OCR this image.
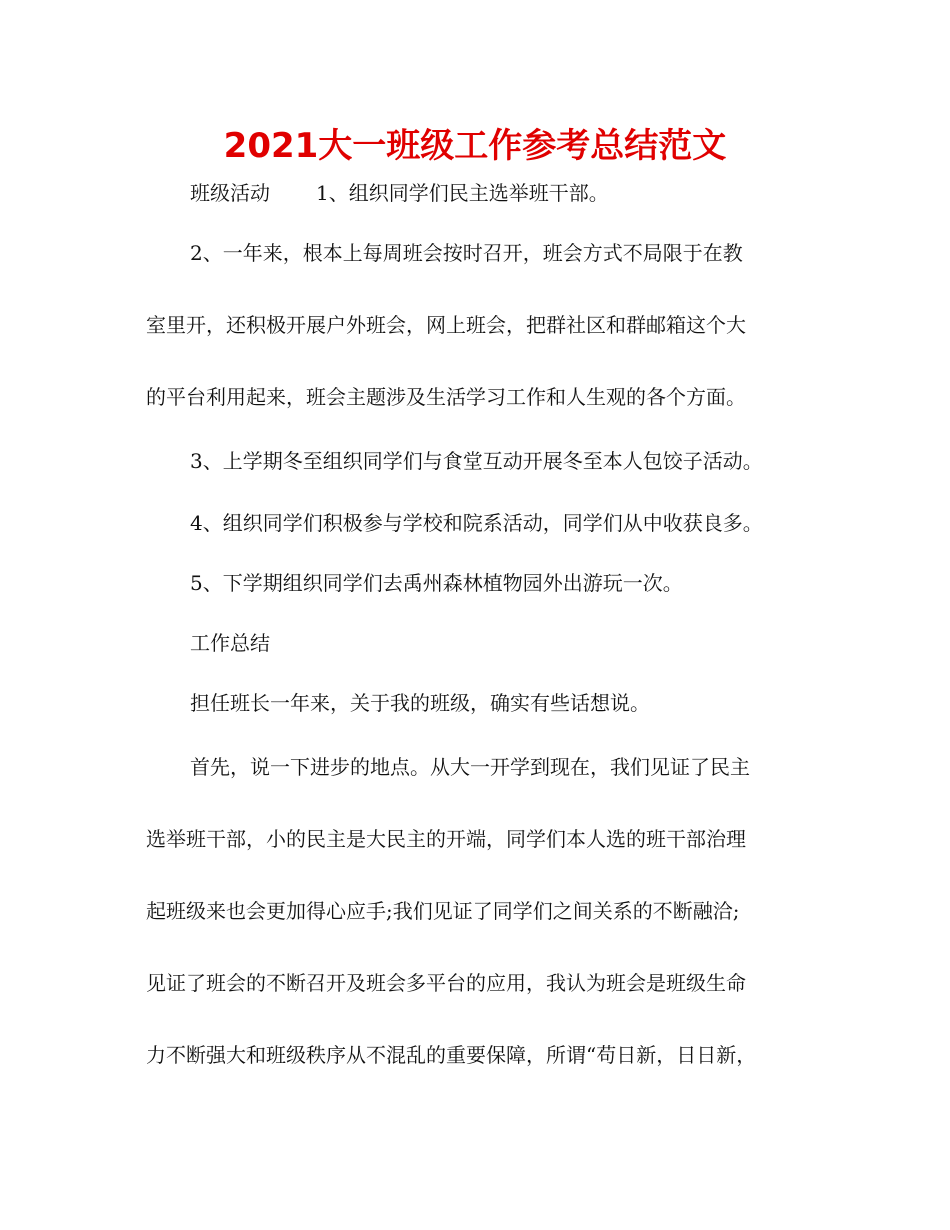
2021大一班级工作参考总结范文

班级活动 1、组织同学们民主选举班干部。

2、一年来，根本上每周班会按时召开，班会方式不局限于在教

室里开，还积极开展户外班会，网上班会，把群社区和群邮箱这个大

的平台利用起来，班会主题涉及生活学习工作和人生观的各个方面。

3、上学期冬至组织同学们与食堂互动开展冬至本人包饺子活动。

4、组织同学们积极参与学校和院系活动，同学们从中收获良多。

5、下学期组织同学们去禹州森林植物园外出游玩一次。

工作总结

担任班长一年来，关于我的班级，确实有些话想说。

首先，说一下进步的地点。从大一开学到现在，我们见证了民主

选举班干部，小的民主是大民主的开端，同学们本人选的班干部治理

起班级来也会更加得心应手;我们见证了同学们之间关系的不断融洽;

见证了班会的不断召开及班会多平台的应用，我认为班会是班级生命

力不断强大和班级秩序从不混乱的重要保障，所谓“苟日新，日日新，
